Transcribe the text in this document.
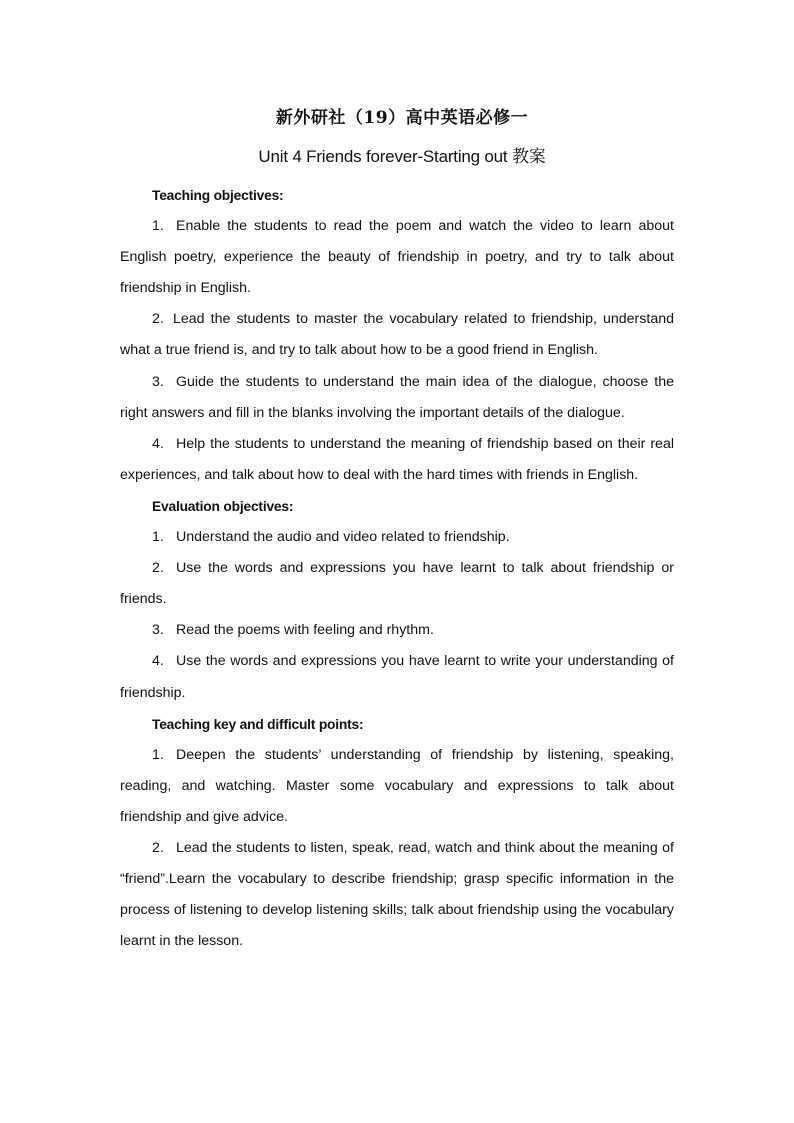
新外研社（19）高中英语必修一
Unit 4 Friends forever-Starting out 教案
Teaching objectives:

1. Enable the students to read the poem and watch the video to learn about English poetry, experience the beauty of friendship in poetry, and try to talk about friendship in English.

2. Lead the students to master the vocabulary related to friendship, understand what a true friend is, and try to talk about how to be a good friend in English.

3. Guide the students to understand the main idea of the dialogue, choose the right answers and fill in the blanks involving the important details of the dialogue.

4. Help the students to understand the meaning of friendship based on their real experiences, and talk about how to deal with the hard times with friends in English.

Evaluation objectives:

1. Understand the audio and video related to friendship.

2. Use the words and expressions you have learnt to talk about friendship or friends.

3. Read the poems with feeling and rhythm.

4. Use the words and expressions you have learnt to write your understanding of friendship.

Teaching key and difficult points:

1. Deepen the students’ understanding of friendship by listening, speaking, reading, and watching. Master some vocabulary and expressions to talk about friendship and give advice.

2. Lead the students to listen, speak, read, watch and think about the meaning of “friend”.Learn the vocabulary to describe friendship; grasp specific information in the process of listening to develop listening skills; talk about friendship using the vocabulary learnt in the lesson.
